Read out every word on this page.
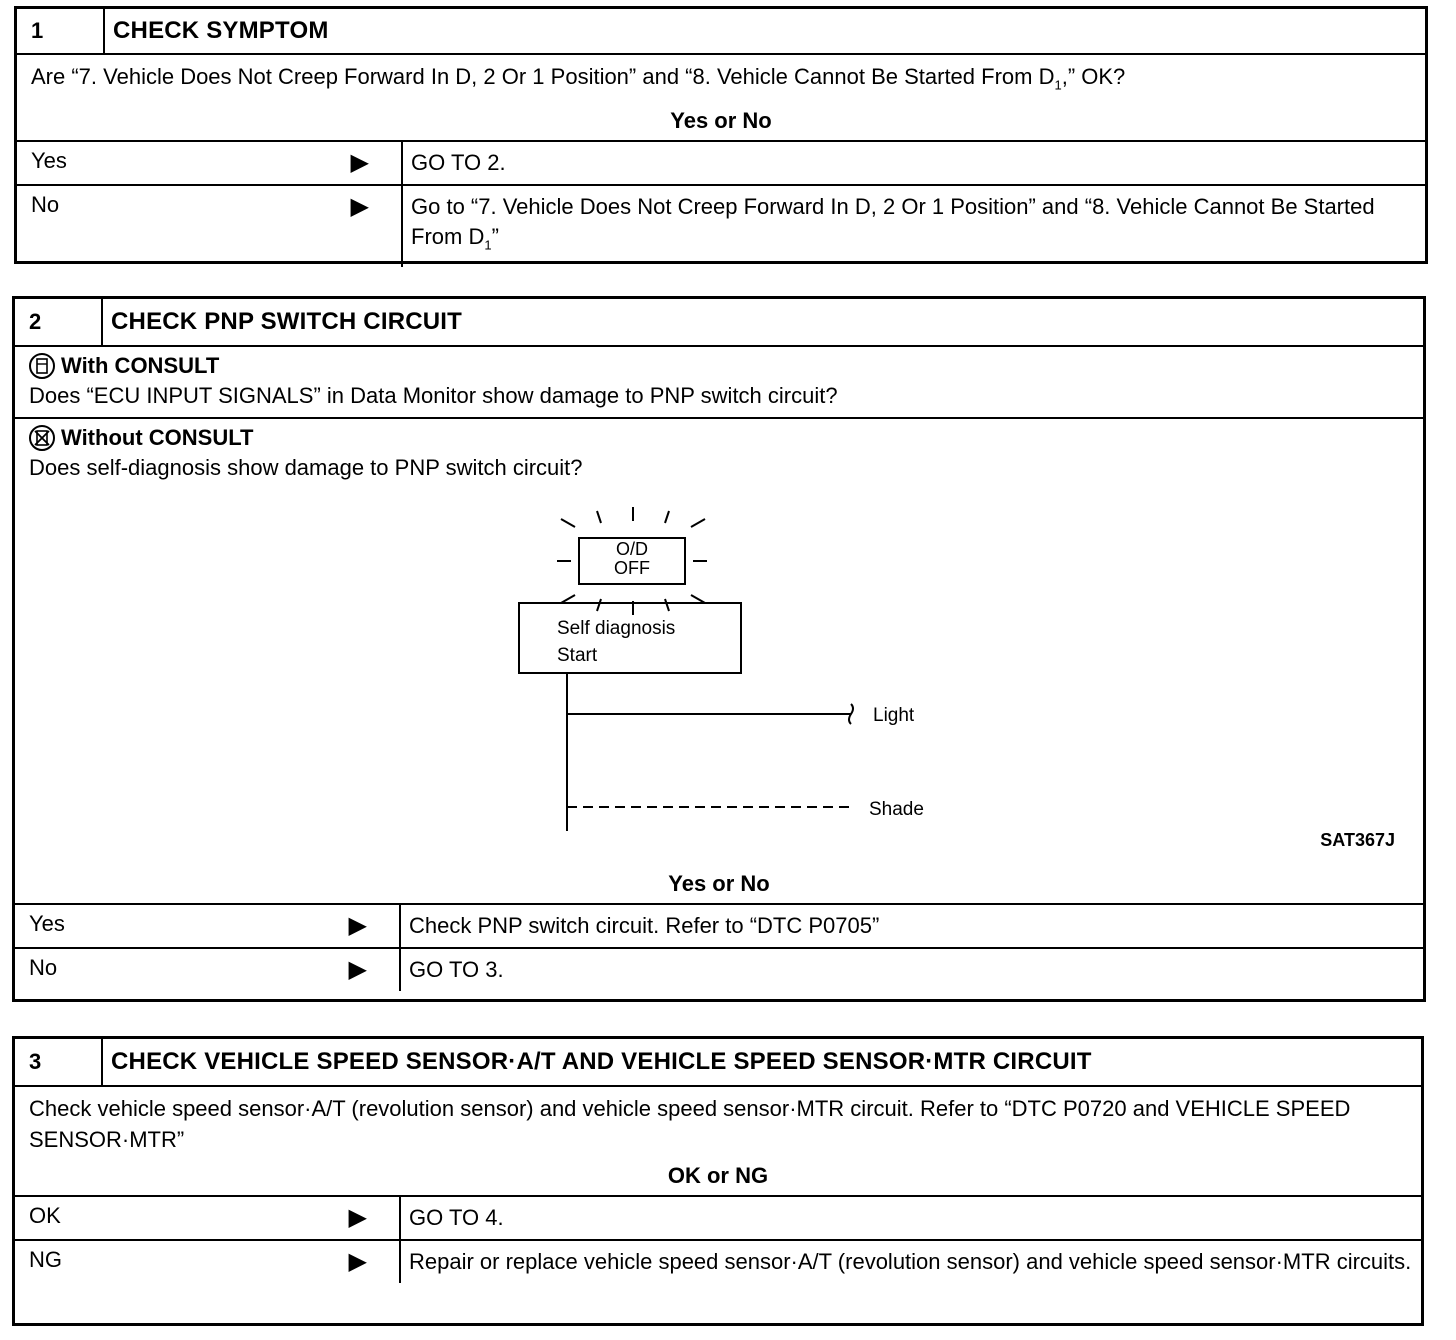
1	CHECK SYMPTOM
Are “7. Vehicle Does Not Creep Forward In D, 2 Or 1 Position” and “8. Vehicle Cannot Be Started From $D_1$,” OK?
Yes or No
Yes	▶	GO TO 2.
No	▶	Go to “7. Vehicle Does Not Creep Forward In D, 2 Or 1 Position” and “8. Vehicle Cannot Be Started From $D_1$”
2	CHECK PNP SWITCH CIRCUIT
With CONSULT
Does “ECU INPUT SIGNALS” in Data Monitor show damage to PNP switch circuit?
Without CONSULT
Does self-diagnosis show damage to PNP switch circuit?
O/D
OFF
Self diagnosis
Start
Light
Shade
SAT367J
Yes or No
Yes	▶	Check PNP switch circuit. Refer to “DTC P0705”
No	▶	GO TO 3.
3	CHECK VEHICLE SPEED SENSOR·A/T AND VEHICLE SPEED SENSOR·MTR CIRCUIT
Check vehicle speed sensor·A/T (revolution sensor) and vehicle speed sensor·MTR circuit. Refer to “DTC P0720 and VEHICLE SPEED SENSOR·MTR”
OK or NG
OK	▶	GO TO 4.
NG	▶	Repair or replace vehicle speed sensor·A/T (revolution sensor) and vehicle speed sensor·MTR circuits.
